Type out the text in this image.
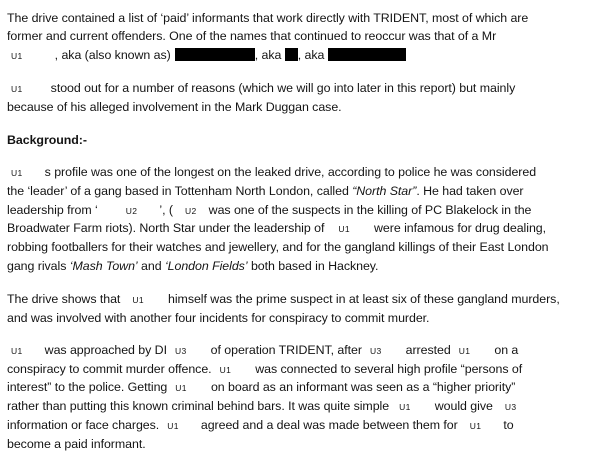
The drive contained a list of ‘paid’ informants that work directly with TRIDENT, most of which are
former and current offenders. One of the names that continued to reoccur was that of a Mr
U1	, aka (also known as)	, aka , aka
U1 stood out for a number of reasons (which we will go into later in this report) but mainly
because of his alleged involvement in the Mark Duggan case.
Background:-
U1 s profile was one of the longest on the leaked drive, according to police he was considered
the ‘leader’ of a gang based in Tottenham North London, called “North Star”. He had taken over
leadership from ‘	U2 ’, ( U2 was one of the suspects in the killing of PC Blakelock in the
Broadwater Farm riots). North Star under the leadership of U1 were infamous for drug dealing,
robbing footballers for their watches and jewellery, and for the gangland killings of their East London
gang rivals ‘Mash Town’ and ‘London Fields’ both based in Hackney.
The drive shows that U1 himself was the prime suspect in at least six of these gangland murders,
and was involved with another four incidents for conspiracy to commit murder.
U1 was approached by DI U3 of operation TRIDENT, after U3 arrested U1 on a
conspiracy to commit murder offence. U1 was connected to several high profile “persons of
interest” to the police. Getting U1 on board as an informant was seen as a “higher priority”
rather than putting this known criminal behind bars. It was quite simple U1 would give U3
information or face charges. U1 agreed and a deal was made between them for U1 to
become a paid informant.
